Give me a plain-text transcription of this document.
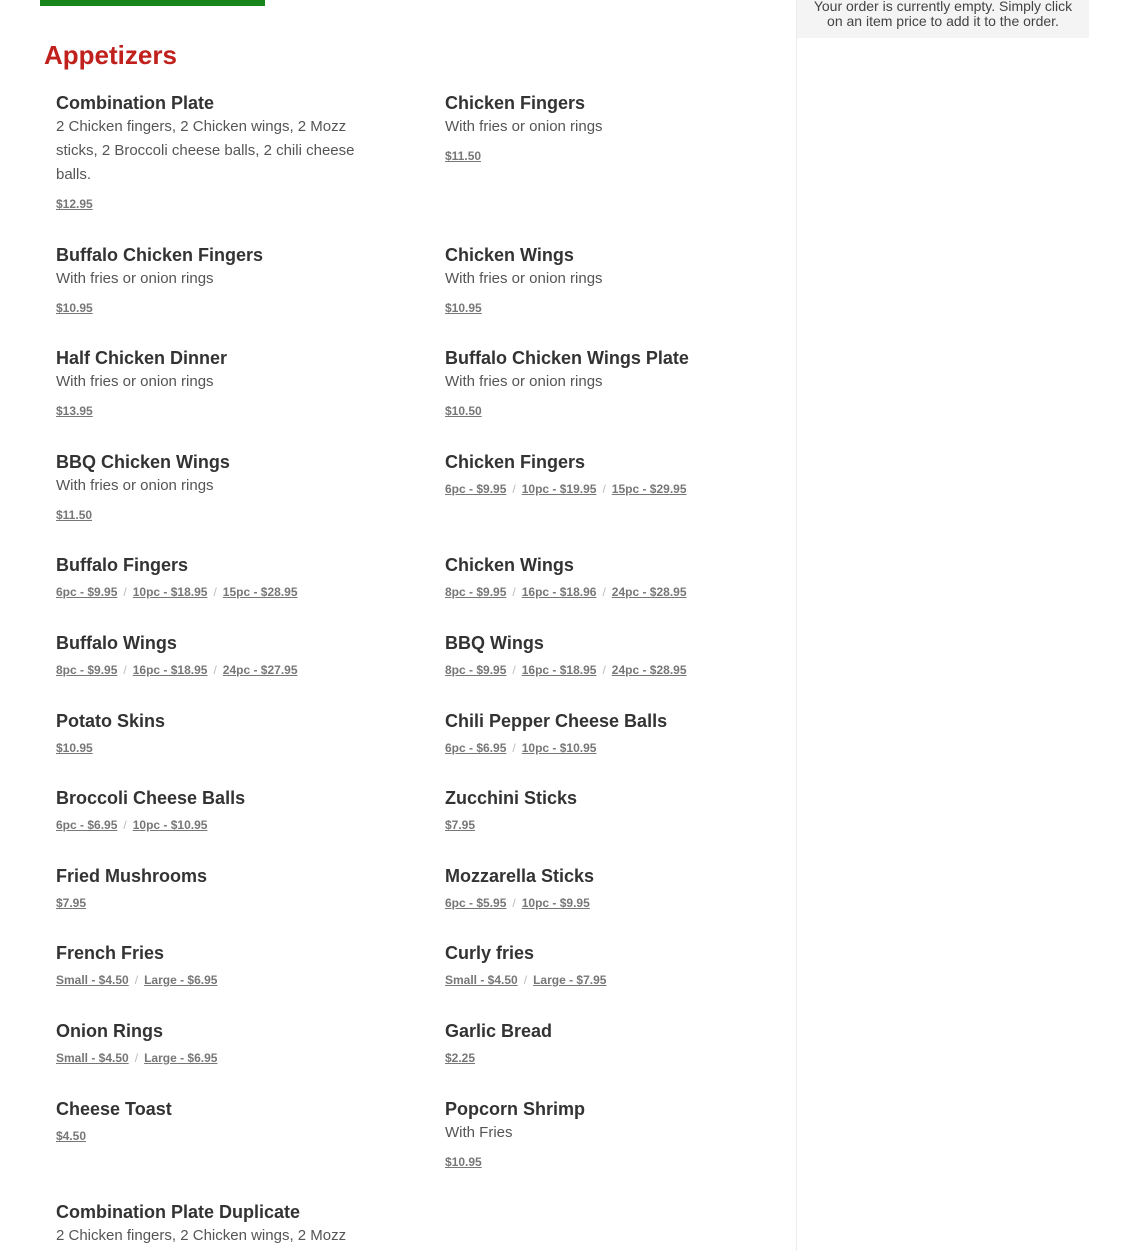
Appetizers
Your order is currently empty. Simply click on an item price to add it to the order.
Combination Plate
2 Chicken fingers, 2 Chicken wings, 2 Mozz sticks, 2 Broccoli cheese balls, 2 chili cheese balls.
$12.95
Chicken Fingers
With fries or onion rings
$11.50
Buffalo Chicken Fingers
With fries or onion rings
$10.95
Chicken Wings
With fries or onion rings
$10.95
Half Chicken Dinner
With fries or onion rings
$13.95
Buffalo Chicken Wings Plate
With fries or onion rings
$10.50
BBQ Chicken Wings
With fries or onion rings
$11.50
Chicken Fingers
6pc - $9.95 / 10pc - $19.95 / 15pc - $29.95
Buffalo Fingers
6pc - $9.95 / 10pc - $18.95 / 15pc - $28.95
Chicken Wings
8pc - $9.95 / 16pc - $18.96 / 24pc - $28.95
Buffalo Wings
8pc - $9.95 / 16pc - $18.95 / 24pc - $27.95
BBQ Wings
8pc - $9.95 / 16pc - $18.95 / 24pc - $28.95
Potato Skins
$10.95
Chili Pepper Cheese Balls
6pc - $6.95 / 10pc - $10.95
Broccoli Cheese Balls
6pc - $6.95 / 10pc - $10.95
Zucchini Sticks
$7.95
Fried Mushrooms
$7.95
Mozzarella Sticks
6pc - $5.95 / 10pc - $9.95
French Fries
Small - $4.50 / Large - $6.95
Curly fries
Small - $4.50 / Large - $7.95
Onion Rings
Small - $4.50 / Large - $6.95
Garlic Bread
$2.25
Cheese Toast
$4.50
Popcorn Shrimp
With Fries
$10.95
Combination Plate Duplicate
2 Chicken fingers, 2 Chicken wings, 2 Mozz
